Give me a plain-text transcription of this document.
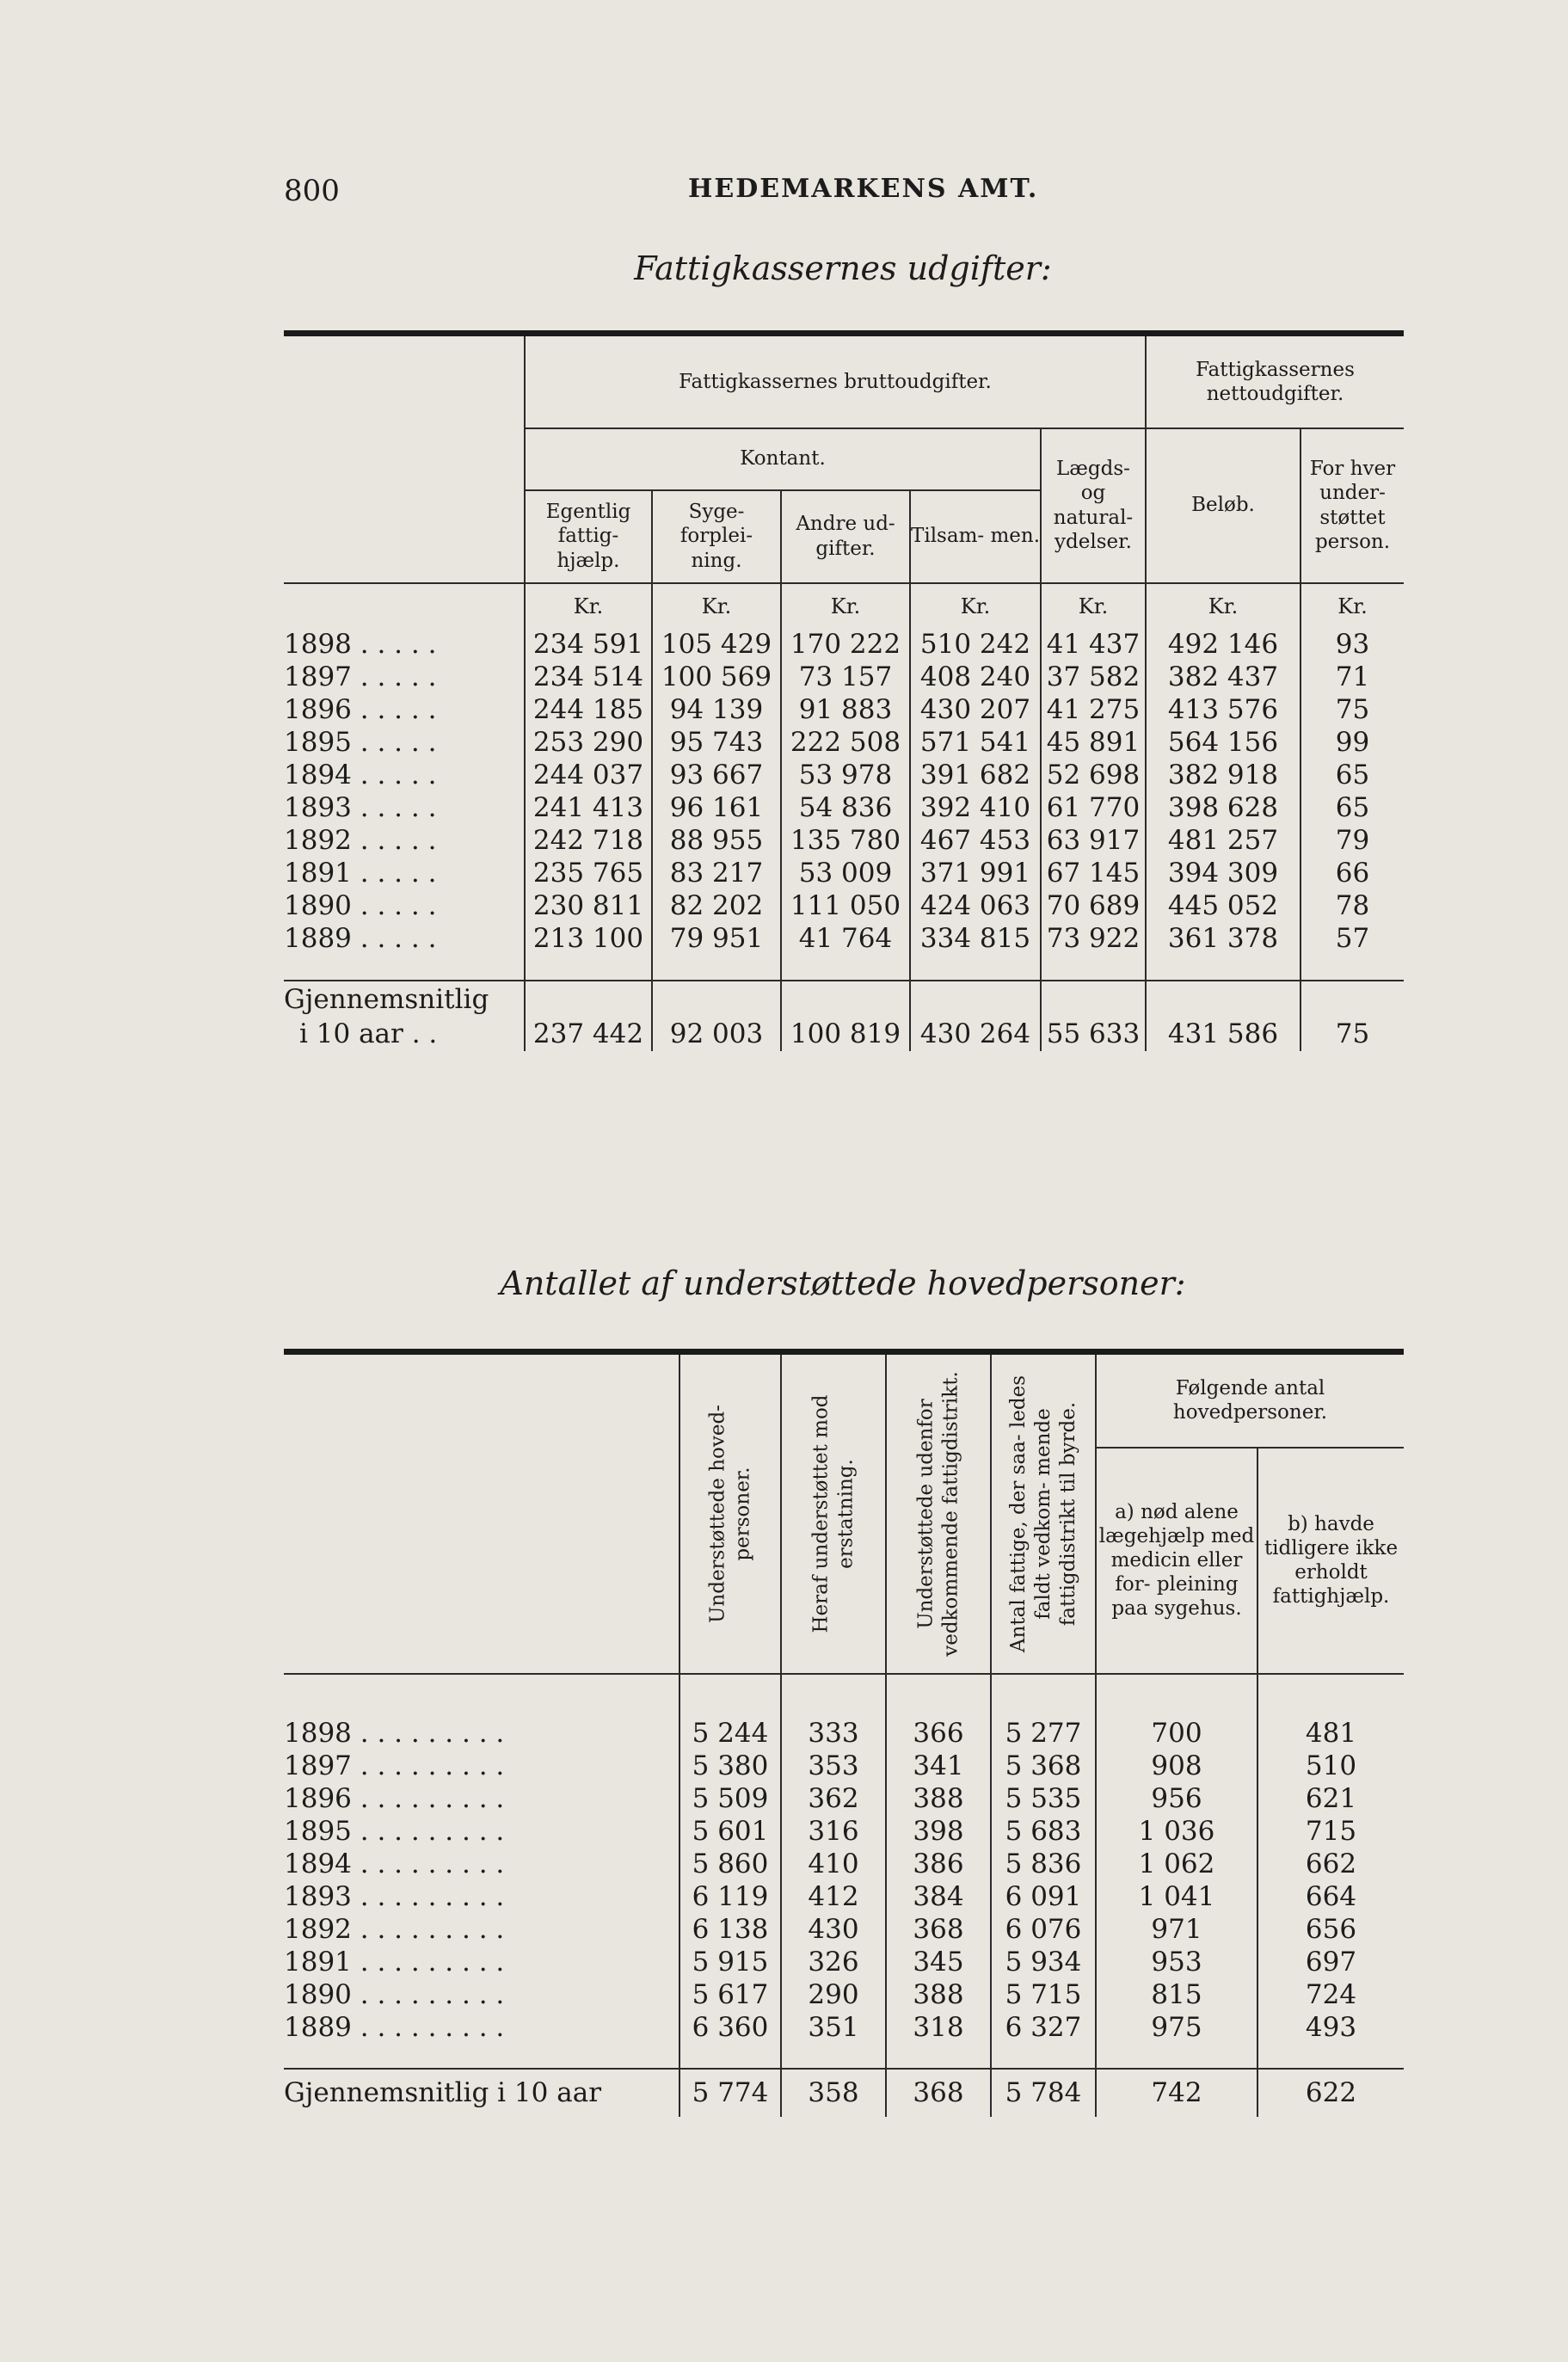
800	HEDEMARKENS AMT.
Fattigkassernes udgifter:
	Fattigkassernes bruttoudgifter.					Fattigkassernes nettoudgifter.	
	Kontant.				Lægds- og natural- ydelser.	Beløb.	For hver under- støttet person.
	Egentlig fattig- hjælp.	Syge- forplei- ning.	Andre ud- gifter.	Tilsam- men.			
	Kr.	Kr.	Kr.	Kr.	Kr.	Kr.	Kr.
1898 . . . . .	234 591	105 429	170 222	510 242	41 437	492 146	93
1897 . . . . .	234 514	100 569	73 157	408 240	37 582	382 437	71
1896 . . . . .	244 185	94 139	91 883	430 207	41 275	413 576	75
1895 . . . . .	253 290	95 743	222 508	571 541	45 891	564 156	99
1894 . . . . .	244 037	93 667	53 978	391 682	52 698	382 918	65
1893 . . . . .	241 413	96 161	54 836	392 410	61 770	398 628	65
1892 . . . . .	242 718	88 955	135 780	467 453	63 917	481 257	79
1891 . . . . .	235 765	83 217	53 009	371 991	67 145	394 309	66
1890 . . . . .	230 811	82 202	111 050	424 063	70 689	445 052	78
1889 . . . . .	213 100	79 951	41 764	334 815	73 922	361 378	57

Gjennemsnitlig							
i 10 aar . .	237 442	92 003	100 819	430 264	55 633	431 586	75
Antallet af understøttede hovedpersoner:

	Understøttede hoved- personer.	Heraf understøttet mod erstatning.	Understøttede udenfor vedkommende fattigdistrikt.	Antal fattige, der saa- ledes faldt vedkom- mende fattigdistrikt til byrde.	Følgende antal hovedpersoner.	
					a) nød alene lægehjælp med medicin eller for- pleining paa sygehus.	b) havde tidligere ikke erholdt fattighjælp.

1898 . . . . . . . . .	5 244	333	366	5 277	700	481
1897 . . . . . . . . .	5 380	353	341	5 368	908	510
1896 . . . . . . . . .	5 509	362	388	5 535	956	621
1895 . . . . . . . . .	5 601	316	398	5 683	1 036	715
1894 . . . . . . . . .	5 860	410	386	5 836	1 062	662
1893 . . . . . . . . .	6 119	412	384	6 091	1 041	664
1892 . . . . . . . . .	6 138	430	368	6 076	971	656
1891 . . . . . . . . .	5 915	326	345	5 934	953	697
1890 . . . . . . . . .	5 617	290	388	5 715	815	724
1889 . . . . . . . . .	6 360	351	318	6 327	975	493

Gjennemsnitlig i 10 aar	5 774	358	368	5 784	742	622
